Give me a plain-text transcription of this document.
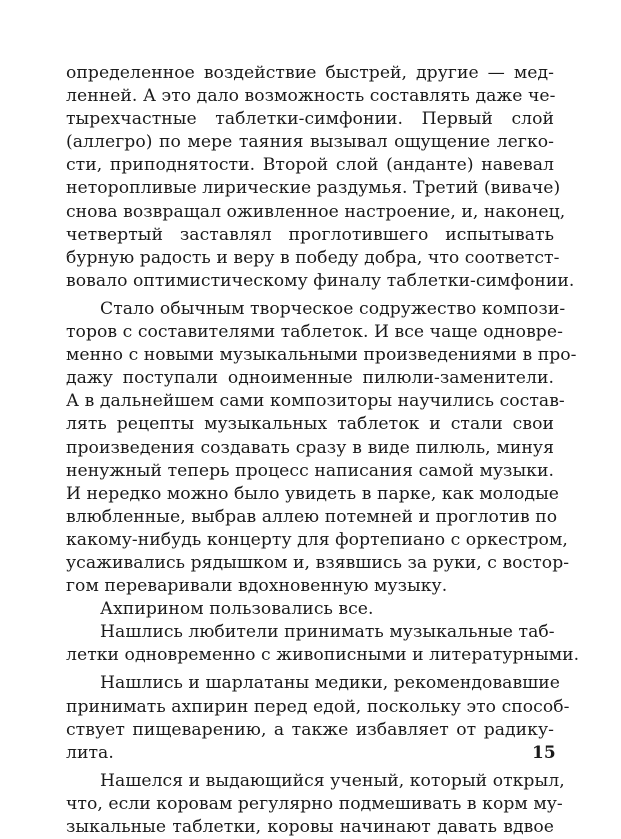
определенное воздействие быстрей, другие — мед-
ленней. А это дало возможность составлять даже че-
тырехчастные таблетки-симфонии. Первый слой
(аллегро) по мере таяния вызывал ощущение легко-
сти, приподнятости. Второй слой (анданте) навевал
неторопливые лирические раздумья. Третий (виваче)
снова возвращал оживленное настроение, и, наконец,
четвертый заставлял проглотившего испытывать
бурную радость и веру в победу добра, что соответст-
вовало оптимистическому финалу таблетки-симфонии.
Стало обычным творческое содружество компози-
торов с составителями таблеток. И все чаще одновре-
менно с новыми музыкальными произведениями в про-
дажу поступали одноименные пилюли-заменители.
А в дальнейшем сами композиторы научились состав-
лять рецепты музыкальных таблеток и стали свои
произведения создавать сразу в виде пилюль, минуя
ненужный теперь процесс написания самой музыки.
И нередко можно было увидеть в парке, как молодые
влюбленные, выбрав аллею потемней и проглотив по
какому-нибудь концерту для фортепиано с оркестром,
усаживались рядышком и, взявшись за руки, с востор-
гом переваривали вдохновенную музыку.
Ахпирином пользовались все.
Нашлись любители принимать музыкальные таб-
летки одновременно с живописными и литературными.
Нашлись и шарлатаны медики, рекомендовавшие
принимать ахпирин перед едой, поскольку это способ-
ствует пищеварению, а также избавляет от радику-
лита.
Нашелся и выдающийся ученый, который открыл,
что, если коровам регулярно подмешивать в корм му-
зыкальные таблетки, коровы начинают давать вдвое
15
